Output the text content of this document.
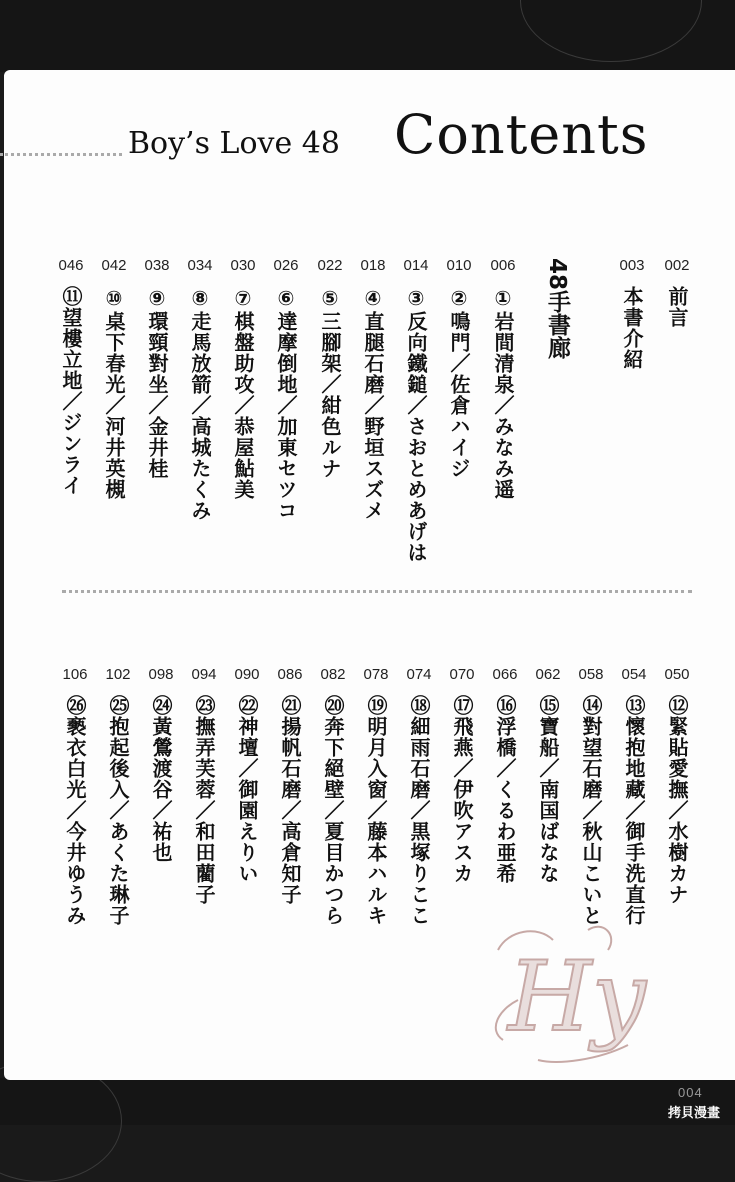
Boy’s Love 48 Contents
002
前言
003
本書介紹
48手書廊
006
①岩間清泉／みなみ遥
010
②鳴門／佐倉ハイジ
014
③反向鐵鎚／さおとめあげは
018
④直腿石磨／野垣スズメ
022
⑤三腳架／紺色ルナ
026
⑥達摩倒地／加東セツコ
030
⑦棋盤助攻／恭屋鮎美
034
⑧走馬放箭／高城たくみ
038
⑨環頸對坐／金井桂
042
⑩桌下春光／河井英槻
046
⑪望樓立地／ジンライ
050
⑫緊貼愛撫／水樹カナ
054
⑬懷抱地藏／御手洗直行
058
⑭對望石磨／秋山こいと
062
⑮寶船／南国ばなな
066
⑯浮橋／くるわ亜希
070
⑰飛燕／伊吹アスカ
074
⑱細雨石磨／黒塚りここ
078
⑲明月入窗／藤本ハルキ
082
⑳奔下絕壁／夏目かつら
086
㉑揚帆石磨／高倉知子
090
㉒神壇／御園えりい
094
㉓撫弄芙蓉／和田藺子
098
㉔黃鶯渡谷／祐也
102
㉕抱起後入／あくた琳子
106
㉖褻衣白光／今井ゆうみ
Hy
004
拷貝漫畫
